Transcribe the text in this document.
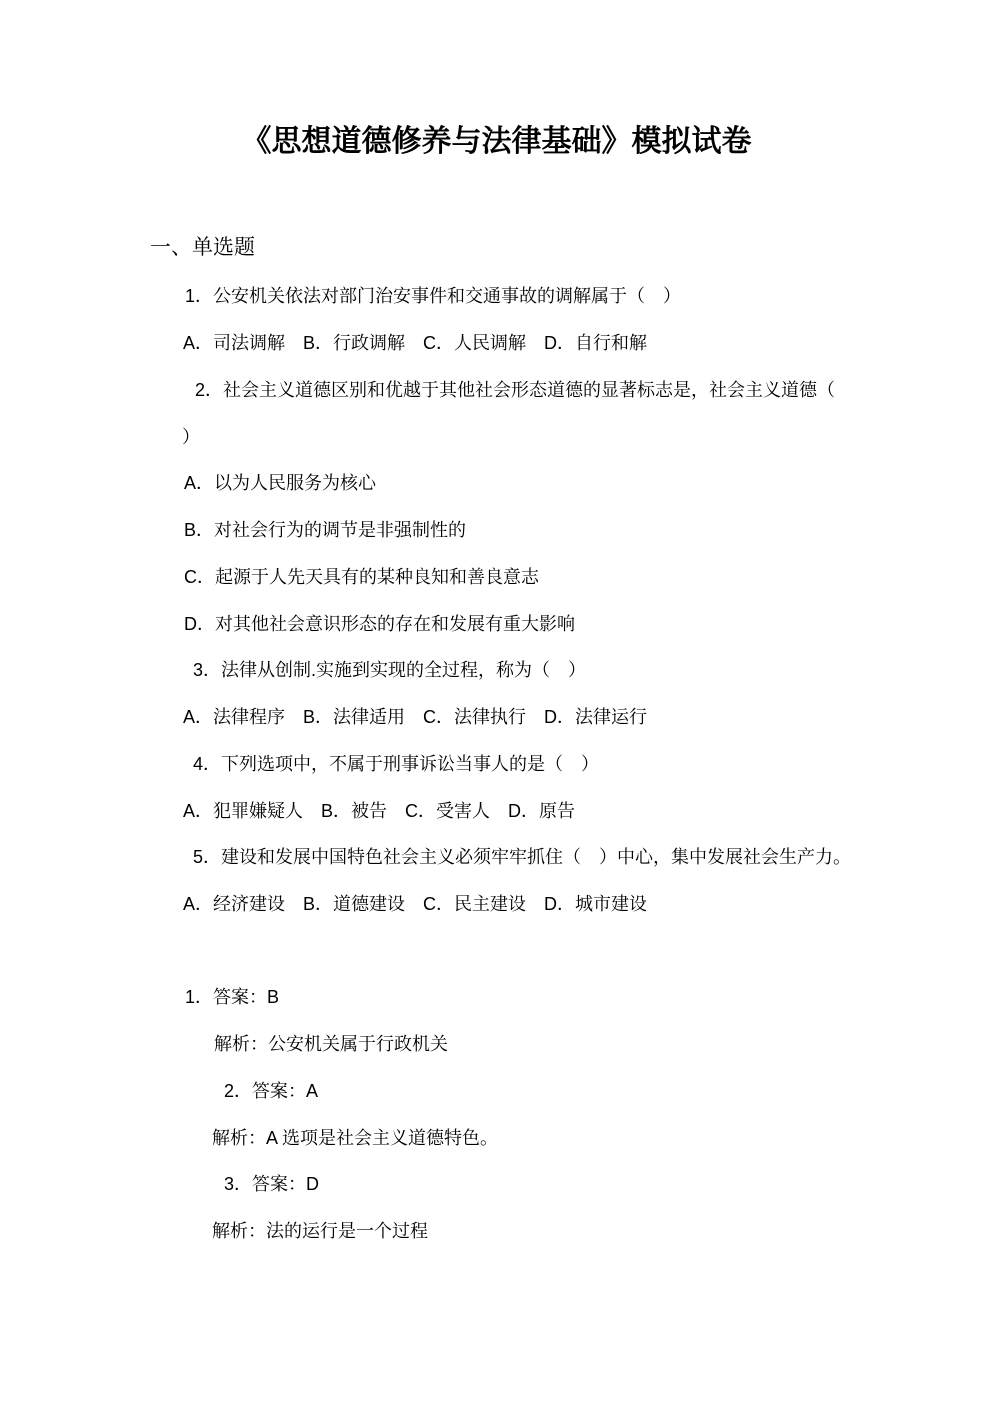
《思想道德修养与法律基础》模拟试卷
一、单选题
1．公安机关依法对部门治安事件和交通事故的调解属于（　）
A．司法调解　B．行政调解　C．人民调解　D．自行和解
2．社会主义道德区别和优越于其他社会形态道德的显著标志是，社会主义道德（
）
A．以为人民服务为核心
B．对社会行为的调节是非强制性的
C．起源于人先天具有的某种良知和善良意志
D．对其他社会意识形态的存在和发展有重大影响
3．法律从创制.实施到实现的全过程，称为（　）
A．法律程序　B．法律适用　C．法律执行　D．法律运行
4．下列选项中，不属于刑事诉讼当事人的是（　）
A．犯罪嫌疑人　B．被告　C．受害人　D．原告
5．建设和发展中国特色社会主义必须牢牢抓住（　）中心，集中发展社会生产力。
A．经济建设　B．道德建设　C．民主建设　D．城市建设
1．答案：B
解析：公安机关属于行政机关
2．答案：A
解析：A 选项是社会主义道德特色。
3．答案：D
解析：法的运行是一个过程
